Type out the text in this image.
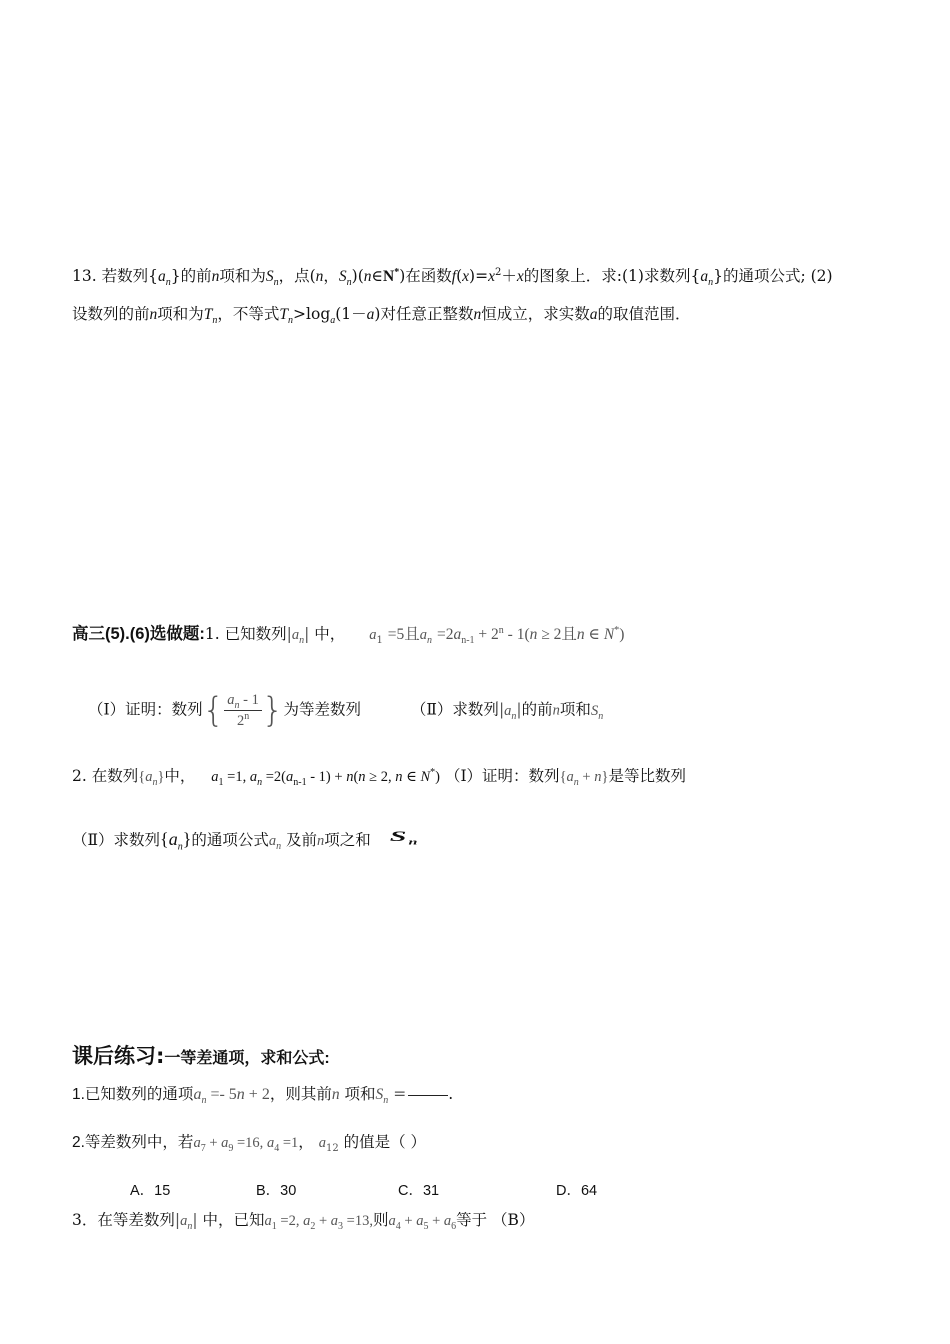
13. 若数列$\{a_n\}$的前n项和为$S_n$，点(n，$S_n)(n\in N^*)$在函数$f(x)=x^2+x$的图象上．求:(1)求数列$\{a_n\}$的通项公式; (2)
设数列的前n项和为$T_n$，不等式$T_n>\log_a(1-a)$对任意正整数n恒成立，求实数a的取值范围．
高三(5).(6)选做题:1. 已知数列$|a_n|$ 中， $a_1 =5$且$a_n =2a_{n-1} + 2^n - 1(n \ge 2$且n ∈ N*)
（Ⅰ）证明：数列{ $\frac{a_n - 1}{2^n}$ }为等差数列	（Ⅱ）求数列$|a_n|$的前n项和$S_n$
2. 在数列$\{a_n\}$中， $a_1 =1$, $a_n =2(a_{n-1} - 1) + n(n \ge 2$, n ∈ N*) （Ⅰ）证明：数列$\{a_n + n\}$是等比数列
（Ⅱ）求数列$\{a_n\}$的通项公式$a_n$ 及前n项之和 $S_n$
课后练习:一等差通项，求和公式:
1.已知数列的通项$a_n =- 5n + 2$，则其前n 项和$S_n$ =	.
2.等差数列中，若$a_7 + a_9 =16$, $a_4 =1$， $a_{12}$ 的值是（ ）
A．15	B．30	C．31	D．64
3．在等差数列$|a_n|$ 中，已知$a_1 =2$, $a_2 + a_3 =13$,则$a_4 + a_5 + a_6$等于 （B）
